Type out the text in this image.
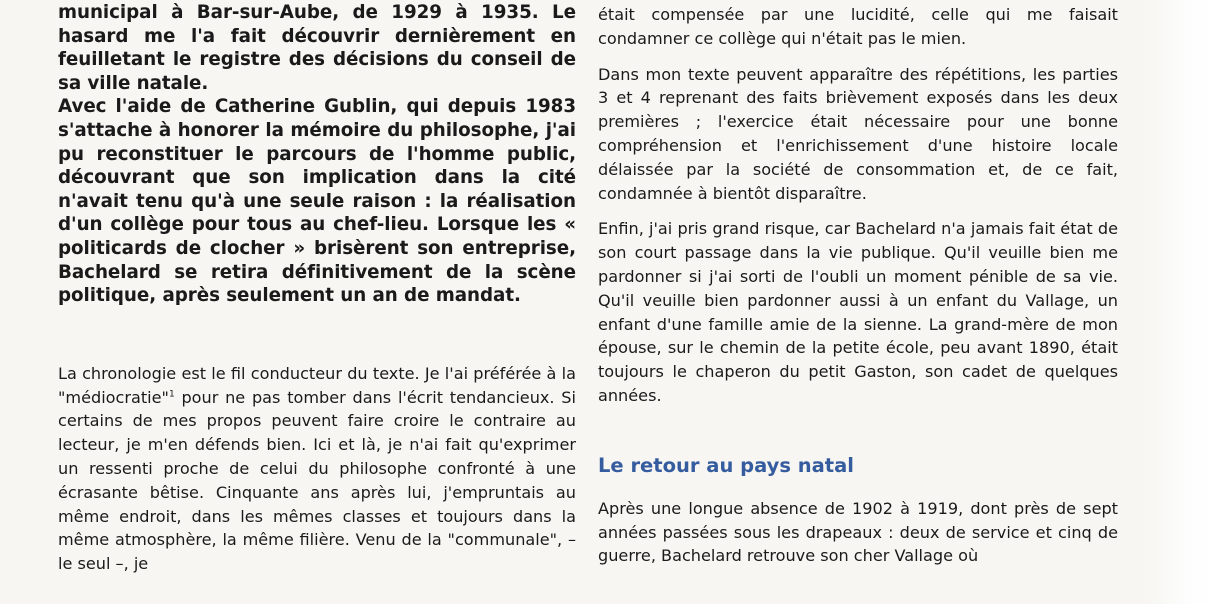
municipal à Bar-sur-Aube, de 1929 à 1935. Le hasard me l'a fait découvrir dernièrement en feuilletant le registre des décisions du conseil de sa ville natale.

Avec l'aide de Catherine Gublin, qui depuis 1983 s'attache à honorer la mémoire du philosophe, j'ai pu reconstituer le parcours de l'homme public, découvrant que son implication dans la cité n'avait tenu qu'à une seule raison : la réalisation d'un collège pour tous au chef-lieu. Lorsque les « politicards de clocher » brisèrent son entreprise, Bachelard se retira définitivement de la scène politique, après seulement un an de mandat.

La chronologie est le fil conducteur du texte. Je l'ai préférée à la "médiocratie"$^1$ pour ne pas tomber dans l'écrit tendancieux. Si certains de mes propos peuvent faire croire le contraire au lecteur, je m'en défends bien. Ici et là, je n'ai fait qu'exprimer un ressenti proche de celui du philosophe confronté à une écrasante bêtise. Cinquante ans après lui, j'empruntais au même endroit, dans les mêmes classes et toujours dans la même atmosphère, la même filière. Venu de la "communale", – le seul –, je

était compensée par une lucidité, celle qui me faisait condamner ce collège qui n'était pas le mien.

Dans mon texte peuvent apparaître des répétitions, les parties 3 et 4 reprenant des faits brièvement exposés dans les deux premières ; l'exercice était nécessaire pour une bonne compréhension et l'enrichissement d'une histoire locale délaissée par la société de consommation et, de ce fait, condamnée à bientôt disparaître.

Enfin, j'ai pris grand risque, car Bachelard n'a jamais fait état de son court passage dans la vie publique. Qu'il veuille bien me pardonner si j'ai sorti de l'oubli un moment pénible de sa vie. Qu'il veuille bien pardonner aussi à un enfant du Vallage, un enfant d'une famille amie de la sienne. La grand-mère de mon épouse, sur le chemin de la petite école, peu avant 1890, était toujours le chaperon du petit Gaston, son cadet de quelques années.

Le retour au pays natal

Après une longue absence de 1902 à 1919, dont près de sept années passées sous les drapeaux : deux de service et cinq de guerre, Bachelard retrouve son cher Vallage où
